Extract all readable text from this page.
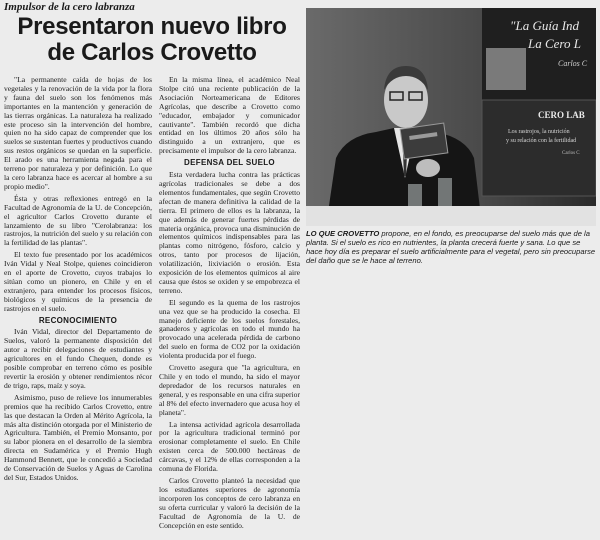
Impulsor de la cero labranza
Presentaron nuevo libro de Carlos Crovetto

"La permanente caída de hojas de los vegetales y la renovación de la vida por la flora y fauna del suelo son los fenómenos más importantes en la mantención y generación de las tierras orgánicas. La naturaleza ha realizado este proceso sin la intervención del hombre, quien no ha sido capaz de comprender que los suelos se sustentan fuertes y productivos cuando sus restos orgánicos se quedan en la superficie. El arado es una herramienta negada para el terreno por naturaleza y por definición. Lo que la cero labranza hace es acercar al hombre a su propio medio".

Ésta y otras reflexiones entregó en la Facultad de Agronomía de la U. de Concepción, el agricultor Carlos Crovetto durante el lanzamiento de su libro "Cerolabranza: los rastrojos, la nutrición del suelo y su relación con la fertilidad de las plantas".

El texto fue presentado por los académicos Iván Vidal y Neal Stolpe, quienes coincidieron en el aporte de Crovetto, cuyos trabajos lo sitúan como un pionero, en Chile y en el extranjero, para entender los procesos físicos, biológicos y químicos de la presencia de rastrojos en el suelo.

RECONOCIMIENTO

Iván Vidal, director del Departamento de Suelos, valoró la permanente disposición del autor a recibir delegaciones de estudiantes y agricultores en el fundo Chequen, donde es posible comprobar en terreno cómo es posible revertir la erosión y obtener rendimientos récor de trigo, raps, maíz y soya.

Asimismo, puso de relieve los innumerables premios que ha recibido Carlos Crovetto, entre las que destacan la Orden al Mérito Agrícola, la más alta distinción otorgada por el Ministerio de Agricultura. También, el Premio Monsanto, por su labor pionera en el desarrollo de la siembra directa en Sudamérica y el Premio Hugh Hammond Bennett, que le concedió a Sociedad de Conservación de Suelos y Aguas de Carolina del Sur, Estados Unidos.

En la misma línea, el académico Neal Stolpe citó una reciente publicación de la Asociación Norteamericana de Editores Agrícolas, que describe a Crovetto como "educador, embajador y comunicador cautivante". También recordó que dicha entidad en los últimos 20 años sólo ha distinguido a un extranjero, que es precisamente el impulsor de la cero labranza.

DEFENSA DEL SUELO

Esta verdadera lucha contra las prácticas agrícolas tradicionales se debe a dos elementos fundamentales, que según Crovetto afectan de manera definitiva la calidad de la tierra. El primero de ellos es la labranza, la que además de generar fuertes pérdidas de materia orgánica, provoca una disminución de elementos químicos indispensables para las plantas como nitrógeno, fósforo, calcio y otros, tanto por procesos de lijación, volatilización, lixiviación o erosión. Esta exposición de los elementos químicos al aire causa que éstos se oxiden y se empobrezca el terreno.

El segundo es la quema de los rastrojos una vez que se ha producido la cosecha. El manejo deficiente de los suelos forestales, ganaderos y agrícolas en todo el mundo ha provocado una acelerada pérdida de carbono del suelo en forma de CO2 por la oxidación violenta producida por el fuego.

Crovetto asegura que "la agricultura, en Chile y en todo el mundo, ha sido el mayor depredador de los recursos naturales en general, y es responsable en una cifra superior al 8% del efecto invernadero que acusa hoy el planeta".

La intensa actividad agrícola desarrollada por la agricultura tradicional terminó por erosionar completamente el suelo. En Chile existen cerca de 500.000 hectáreas de cárcavas, y el 12% de ellas corresponden a la comuna de Florida.

Carlos Crovetto planteó la necesidad que los estudiantes superiores de agronomía incorporen los conceptos de cero labranza en su oferta curricular y valoró la decisión de la Facultad de Agronomía de la U. de Concepción en este sentido.

"La Guía Ind
La Cero L
Carlos C
CERO LAB
Los rastrojos, la nutrición
y su relación con la fertilidad
Carlos C
LO QUE CROVETTO propone, en el fondo, es preocuparse del suelo más que de la planta. Si el suelo es rico en nutrientes, la planta crecerá fuerte y sana. Lo que se hace hoy día es preparar el suelo artificialmente para el vegetal, pero sin preocuparse del daño que se le hace al terreno.
